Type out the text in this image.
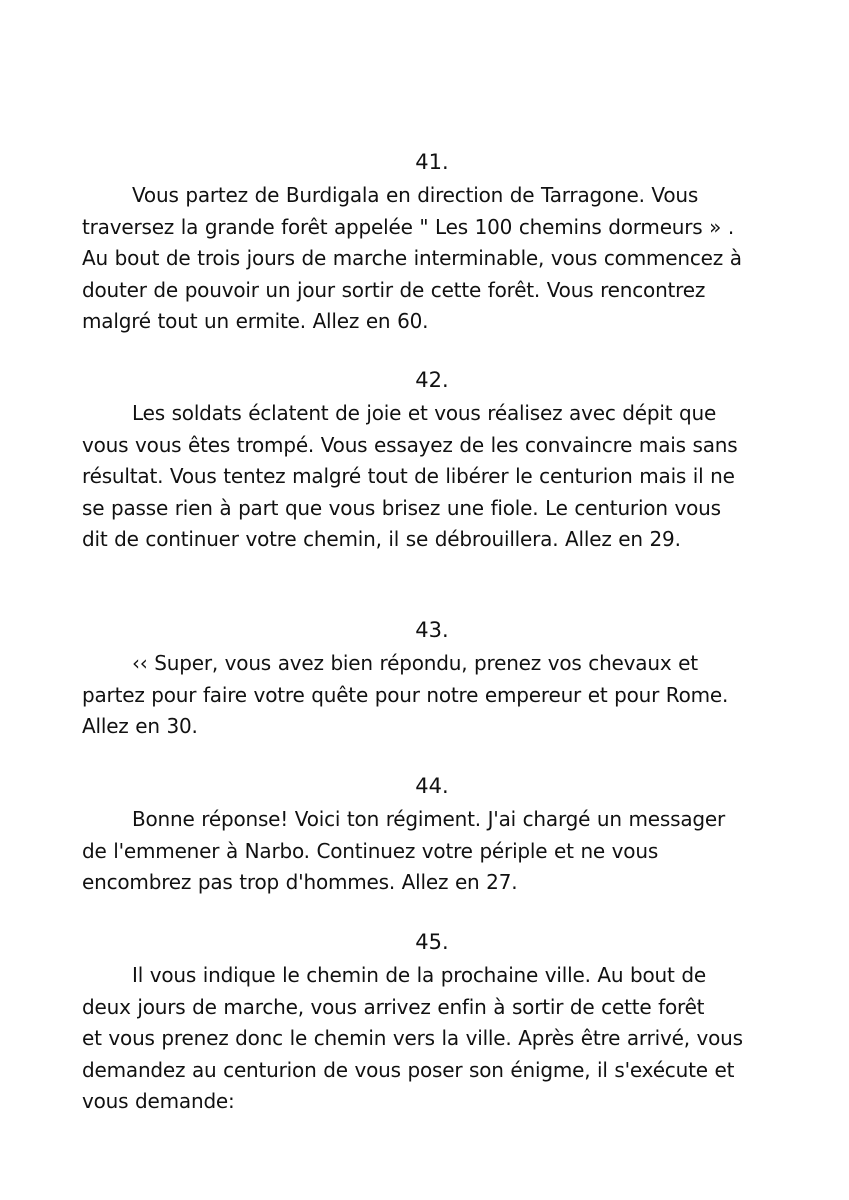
41.

Vous partez de Burdigala en direction de Tarragone. Vous
traversez la grande forêt appelée " Les 100 chemins dormeurs » .
Au bout de trois jours de marche interminable, vous commencez à
douter de pouvoir un jour sortir de cette forêt. Vous rencontrez
malgré tout un ermite. Allez en 60.

42.

Les soldats éclatent de joie et vous réalisez avec dépit que
vous vous êtes trompé. Vous essayez de les convaincre mais sans
résultat. Vous tentez malgré tout de libérer le centurion mais il ne
se passe rien à part que vous brisez une fiole. Le centurion vous
dit de continuer votre chemin, il se débrouillera. Allez en 29.

43.

‹‹ Super, vous avez bien répondu, prenez vos chevaux et
partez pour faire votre quête pour notre empereur et pour Rome.
Allez en 30.

44.

Bonne réponse! Voici ton régiment. J'ai chargé un messager
de l'emmener à Narbo. Continuez votre périple et ne vous
encombrez pas trop d'hommes. Allez en 27.

45.

Il vous indique le chemin de la prochaine ville. Au bout de
deux jours de marche, vous arrivez enfin à sortir de cette forêt
et vous prenez donc le chemin vers la ville. Après être arrivé, vous
demandez au centurion de vous poser son énigme, il s'exécute et
vous demande:
